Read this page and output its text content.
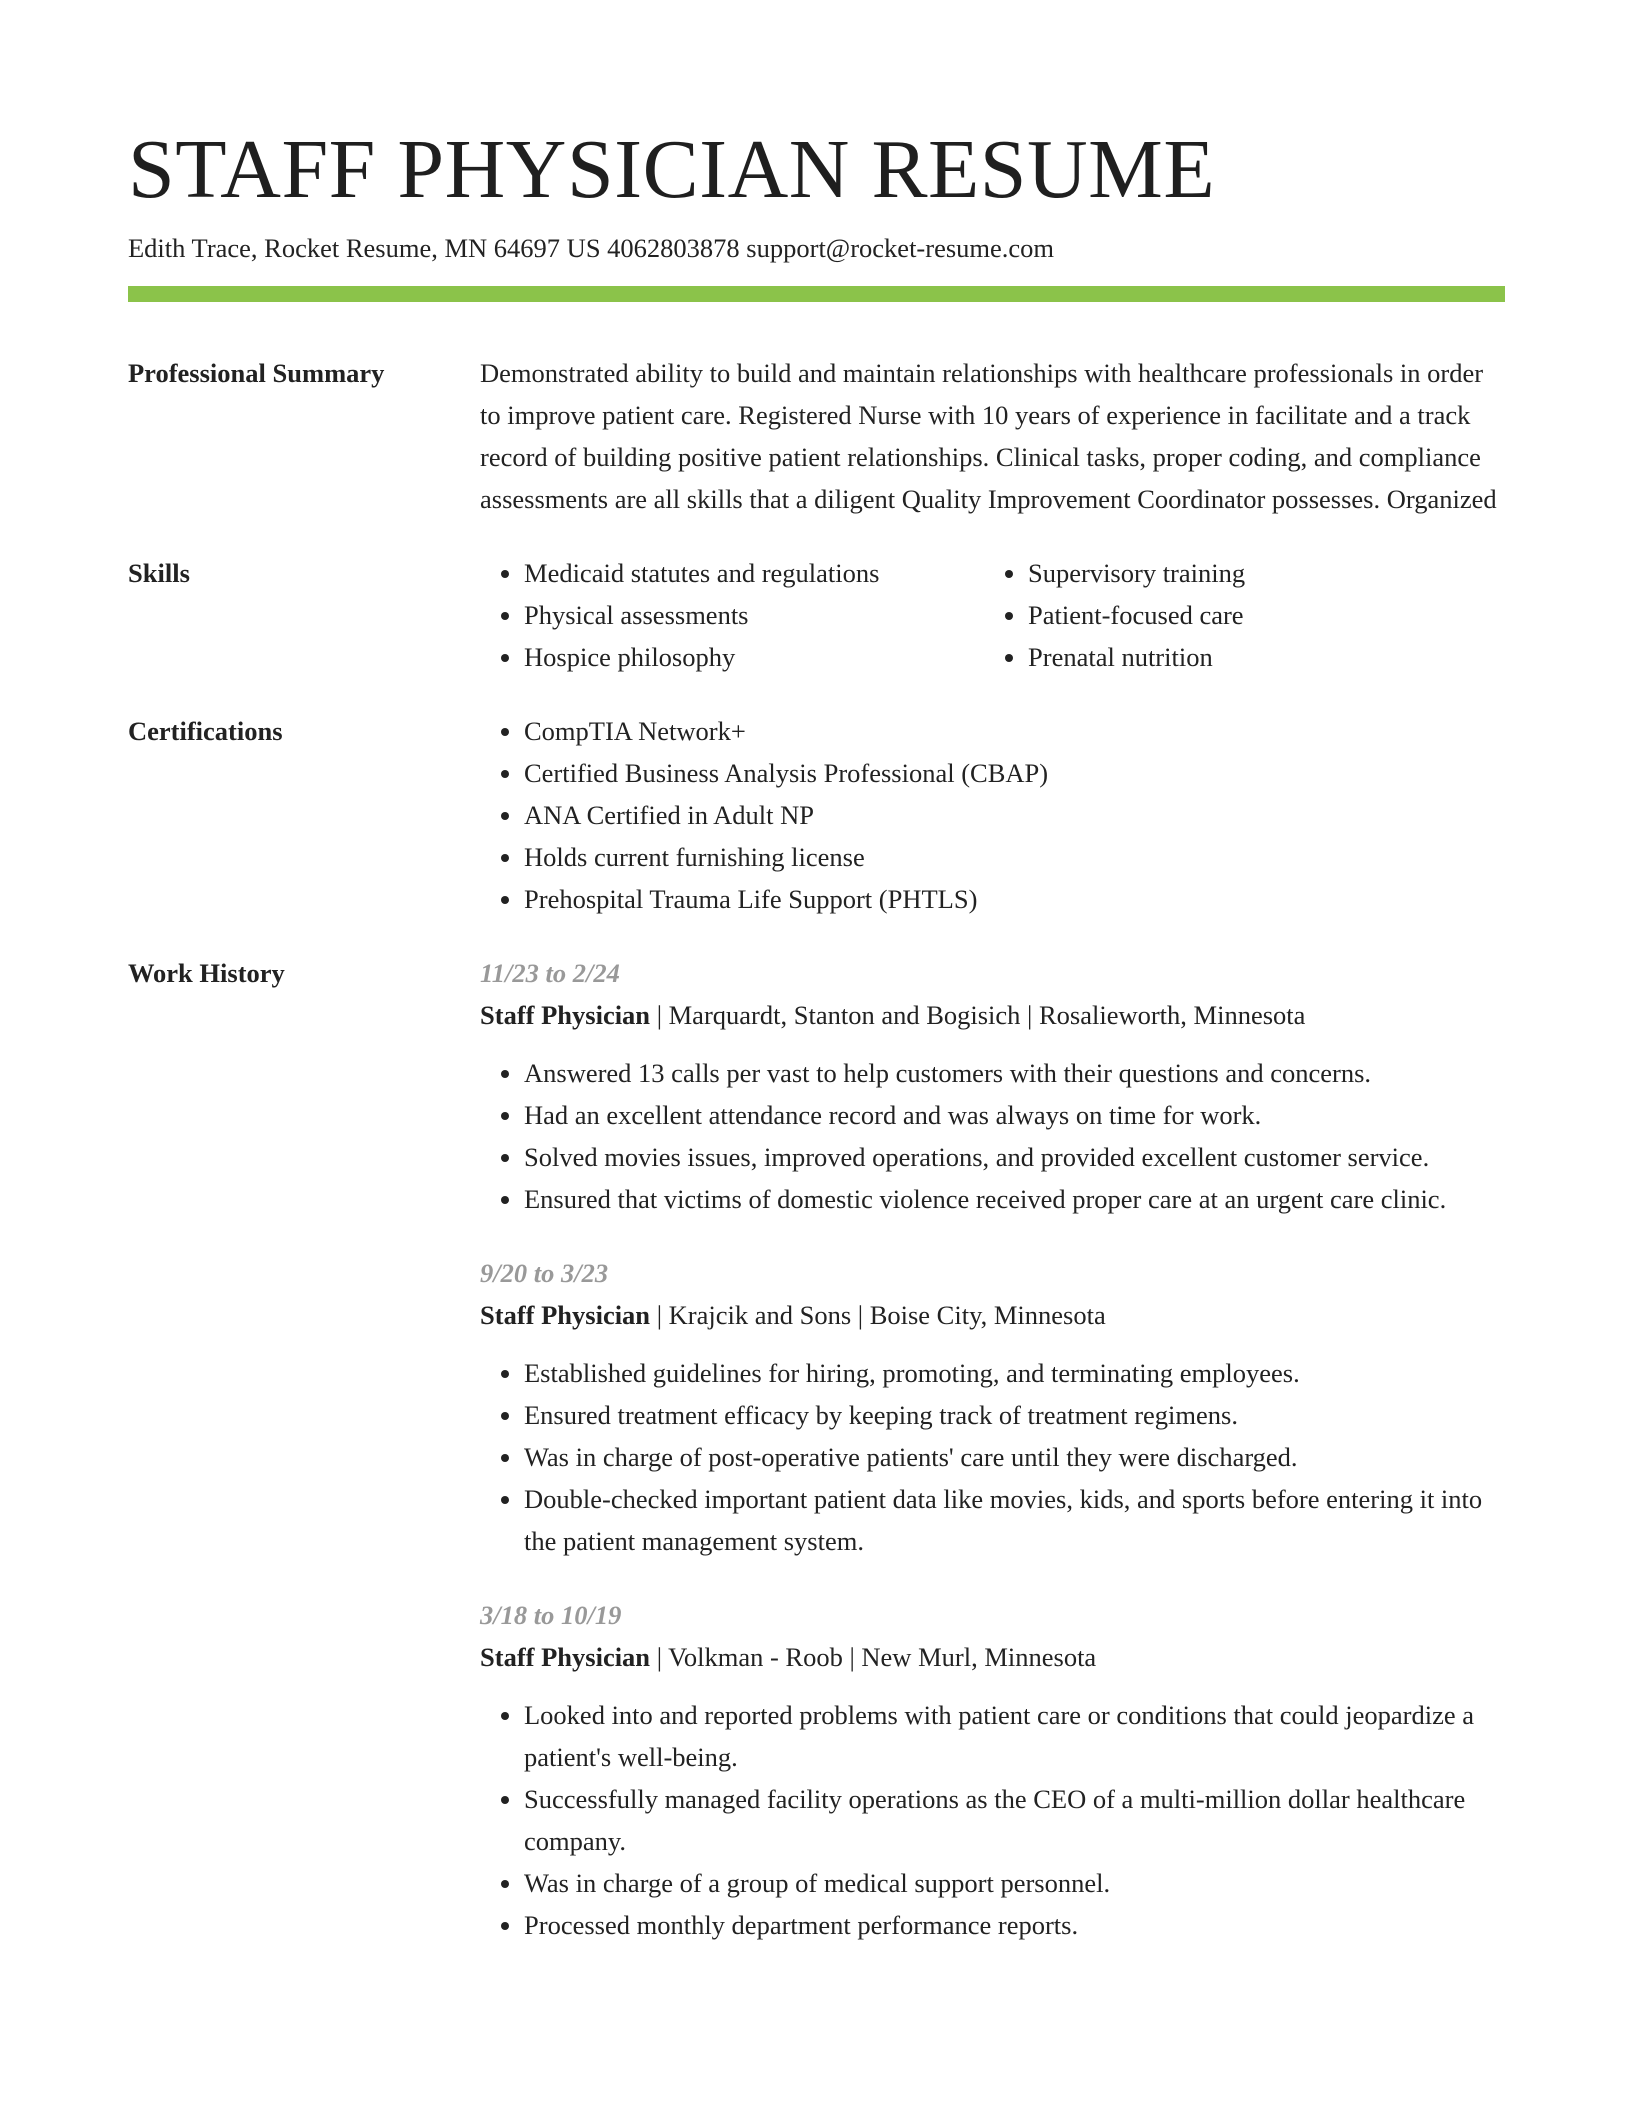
STAFF PHYSICIAN RESUME
Edith Trace, Rocket Resume, MN 64697 US 4062803878 support@rocket-resume.com
Professional Summary	Demonstrated ability to build and maintain relationships with healthcare professionals in order to improve patient care. Registered Nurse with 10 years of experience in facilitate and a track record of building positive patient relationships. Clinical tasks, proper coding, and compliance assessments are all skills that a diligent Quality Improvement Coordinator possesses. Organized

Skills	• Medicaid statutes and regulations
• Physical assessments
• Hospice philosophy
• Supervisory training
• Patient-focused care
• Prenatal nutrition
Certifications	• CompTIA Network+
• Certified Business Analysis Professional (CBAP)
• ANA Certified in Adult NP
• Holds current furnishing license
• Prehospital Trauma Life Support (PHTLS)
Work History	11/23 to 2/24
Staff Physician | Marquardt, Stanton and Bogisich | Rosalieworth, Minnesota
• Answered 13 calls per vast to help customers with their questions and concerns.
• Had an excellent attendance record and was always on time for work.
• Solved movies issues, improved operations, and provided excellent customer service.
• Ensured that victims of domestic violence received proper care at an urgent care clinic.
9/20 to 3/23
Staff Physician | Krajcik and Sons | Boise City, Minnesota
• Established guidelines for hiring, promoting, and terminating employees.
• Ensured treatment efficacy by keeping track of treatment regimens.
• Was in charge of post-operative patients' care until they were discharged.
• Double-checked important patient data like movies, kids, and sports before entering it into the patient management system.
3/18 to 10/19
Staff Physician | Volkman - Roob | New Murl, Minnesota
• Looked into and reported problems with patient care or conditions that could jeopardize a patient's well-being.
• Successfully managed facility operations as the CEO of a multi-million dollar healthcare company.
• Was in charge of a group of medical support personnel.
• Processed monthly department performance reports.
